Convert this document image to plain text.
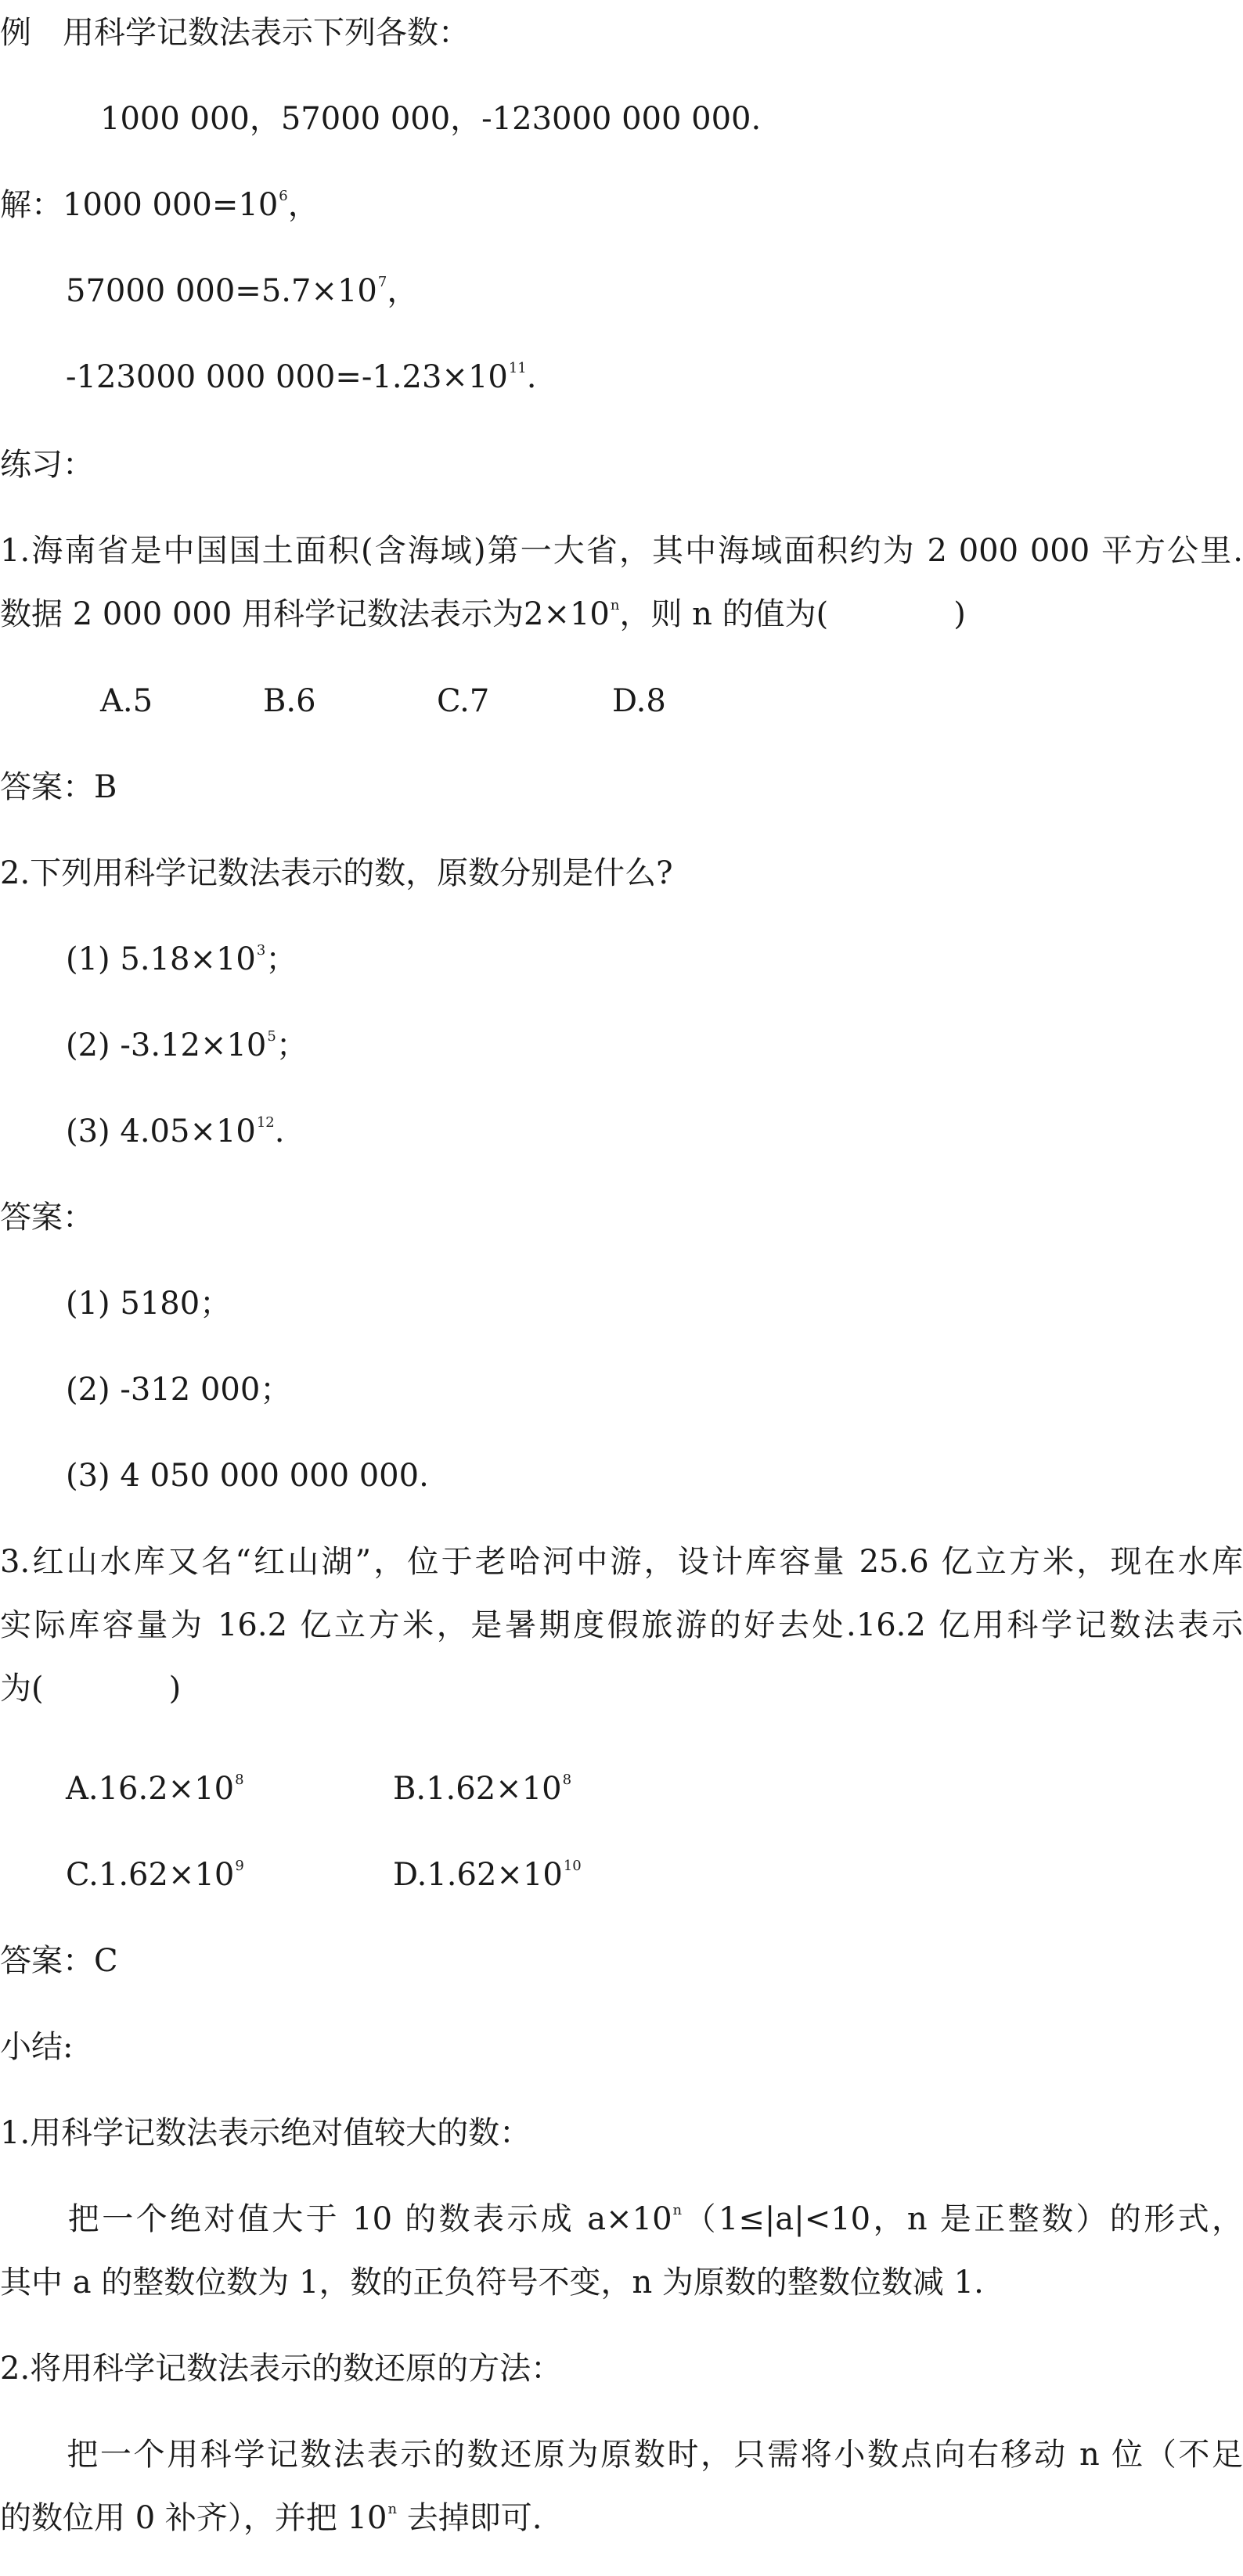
例　用科学记数法表示下列各数：
1000 000，57000 000，-123000 000 000.
解：1000 $000=10^6$，
57000 $000=5.7\times 10^7$，
-123000 000 $000=-1.23\times 10^{11}$.
练习：
1.海南省是中国国土面积(含海域)第一大省，其中海域面积约为 2 000 000 平方公里.
数据 2 000 000 用科学记数法表示为$2\times 10^n$，则 n 的值为(　　　　)
A.5	B.6	C.7	D.8
答案：B
2.下列用科学记数法表示的数，原数分别是什么?
(1) $5.18\times 10^3$；
(2) $-3.12\times 10^5$；
(3) $4.05\times 10^{12}$.
答案：
(1) 5180；
(2) -312 000；
(3) 4 050 000 000 000.
3.红山水库又名“红山湖”，位于老哈河中游，设计库容量 25.6 亿立方米，现在水库
实际库容量为 16.2 亿立方米，是暑期度假旅游的好去处.16.2 亿用科学记数法表示
为(　　　　)
$A.16.2\times 10^8$	$B.1.62\times 10^8$
$C.1.62\times 10^9$	$D.1.62\times 10^{10}$
答案：C
小结:
1.用科学记数法表示绝对值较大的数：
　　把一个绝对值大于 10 的数表示成 $a\times 10^n(1\le|a|<10$，n 是正整数）的形式，
其中 a 的整数位数为 1，数的正负符号不变，n 为原数的整数位数减 1.
2.将用科学记数法表示的数还原的方法：
　　把一个用科学记数法表示的数还原为原数时，只需将小数点向右移动 n 位（不足
的数位用 0 补齐），并把 10$^n$ 去掉即可.
